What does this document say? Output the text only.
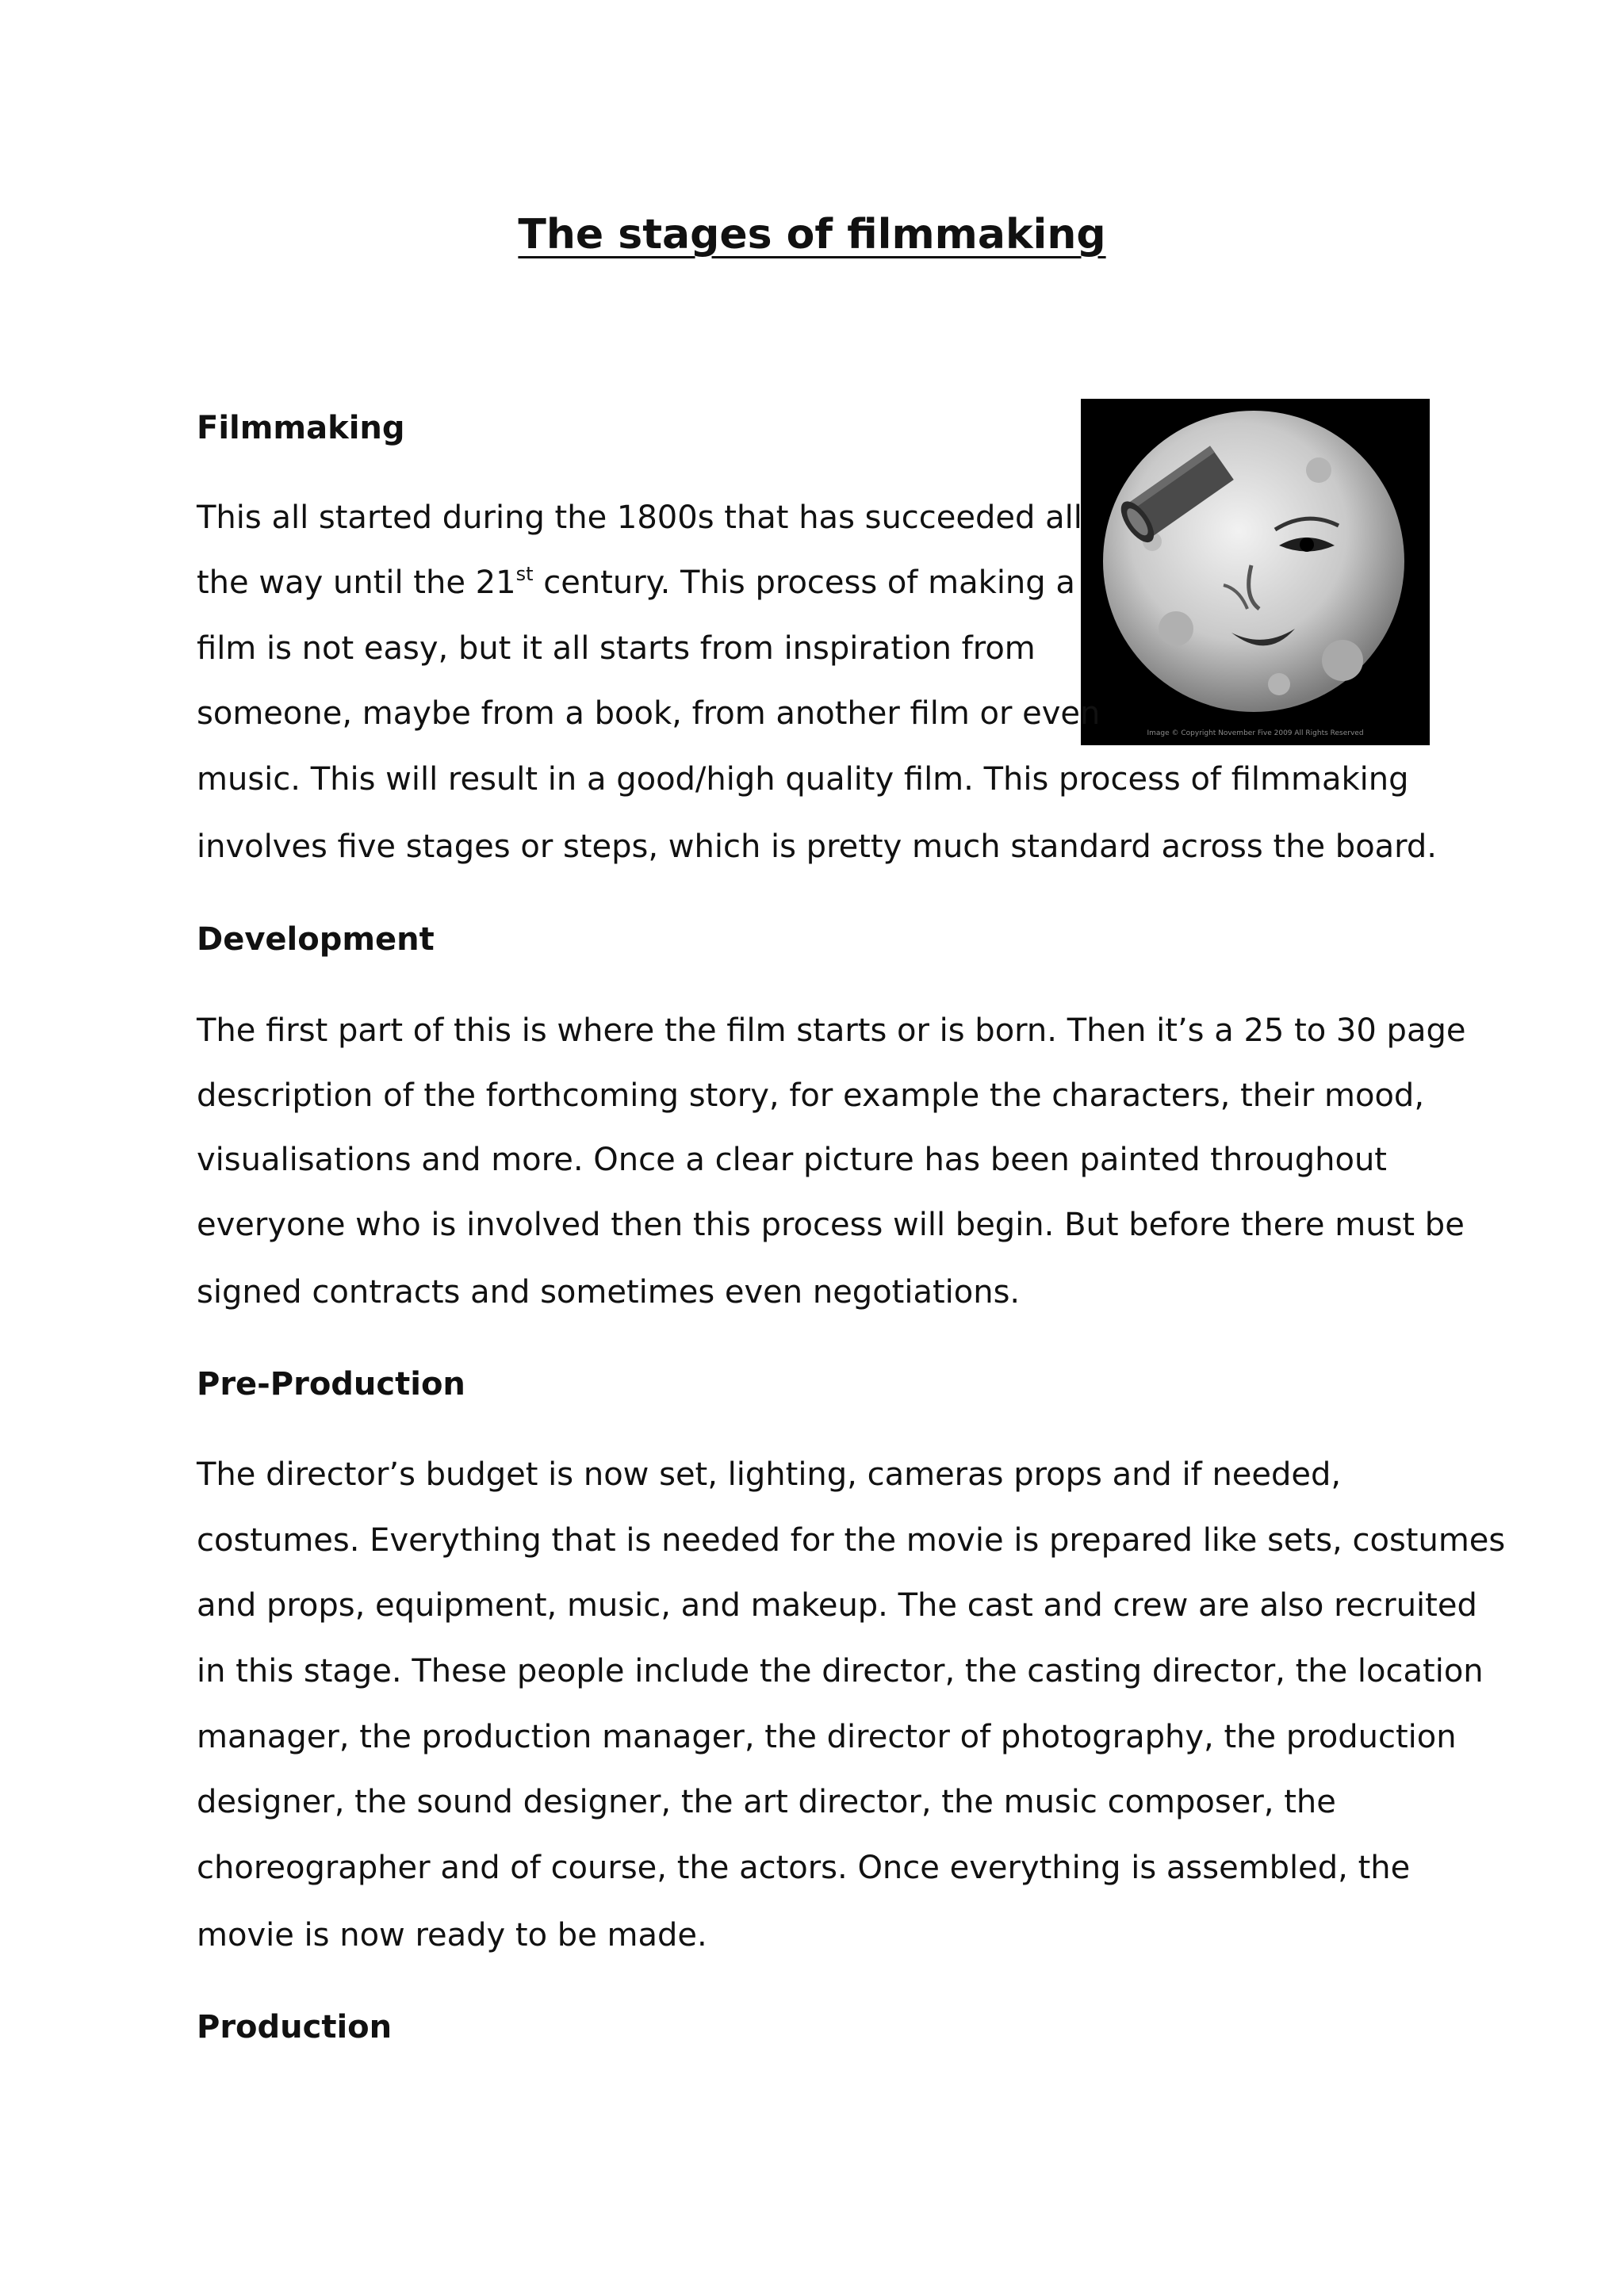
The stages of filmmaking
Filmmaking
Image © Copyright November Five 2009 All Rights Reserved

This all started during the 1800s that has succeeded all

the way until the 21st century. This process of making a

film is not easy, but it all starts from inspiration from

someone, maybe from a book, from another film or even

music. This will result in a good/high quality film. This process of filmmaking

involves five stages or steps, which is pretty much standard across the board.

Development

The first part of this is where the film starts or is born. Then it’s a 25 to 30 page

description of the forthcoming story, for example the characters, their mood,

visualisations and more. Once a clear picture has been painted throughout

everyone who is involved then this process will begin. But before there must be

signed contracts and sometimes even negotiations.

Pre-Production

The director’s budget is now set, lighting, cameras props and if needed,

costumes. Everything that is needed for the movie is prepared like sets, costumes

and props, equipment, music, and makeup. The cast and crew are also recruited

in this stage. These people include the director, the casting director, the location

manager, the production manager, the director of photography, the production

designer, the sound designer, the art director, the music composer, the

choreographer and of course, the actors. Once everything is assembled, the

movie is now ready to be made.

Production
